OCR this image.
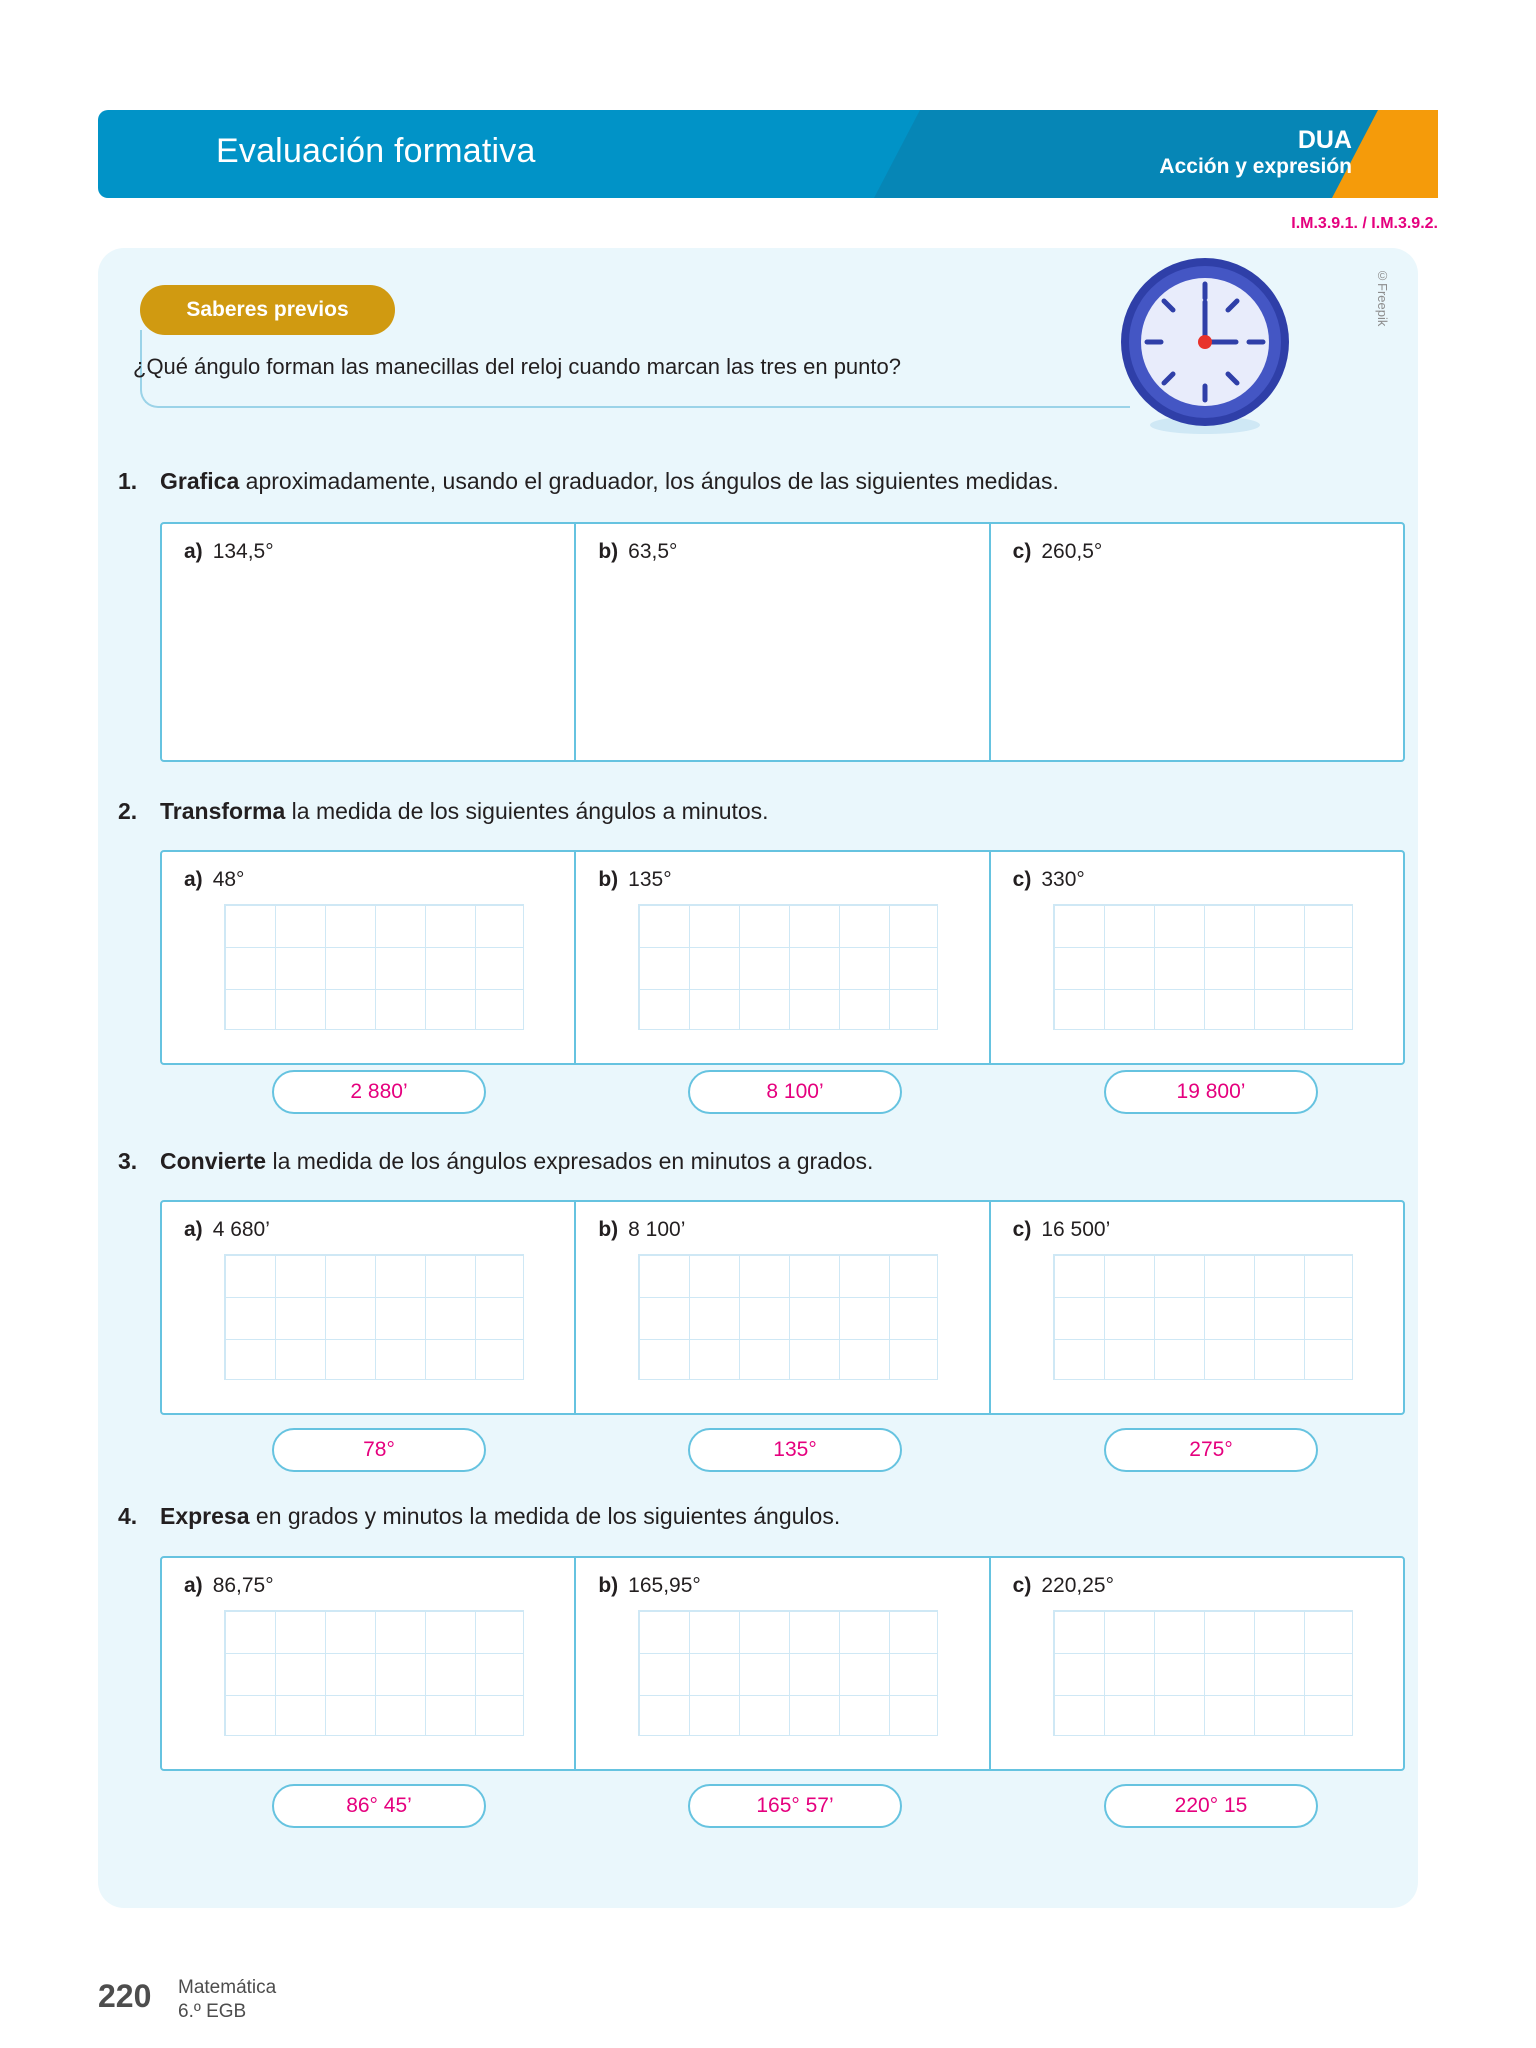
Evaluación formativa	DUA
Acción y expresión
I.M.3.9.1. / I.M.3.9.2.
Saberes previos
¿Qué ángulo forman las manecillas del reloj cuando marcan las tres en punto?
©Freepik
1. Grafica aproximadamente, usando el graduador, los ángulos de las siguientes medidas.
a) 134,5°	b) 63,5°	c) 260,5°
2. Transforma la medida de los siguientes ángulos a minutos.
a) 48°	b) 135°	c) 330°
2 880’	8 100’	19 800’
3. Convierte la medida de los ángulos expresados en minutos a grados.
a) 4 680’	b) 8 100’	c) 16 500’
78°	135°	275°
4. Expresa en grados y minutos la medida de los siguientes ángulos.
a) 86,75°	b) 165,95°	c) 220,25°
86° 45’	165° 57’	220° 15
220 Matemática
6.º EGB
